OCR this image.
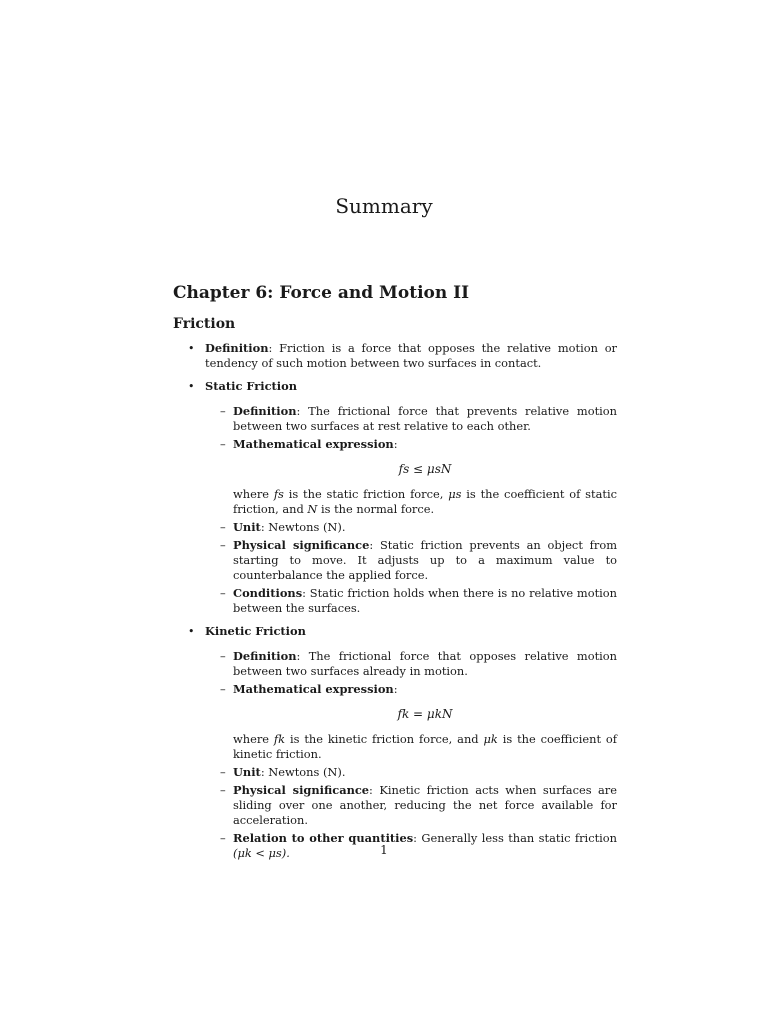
Summary
Chapter 6: Force and Motion II
Friction
• Definition: Friction is a force that opposes the relative motion or tendency of such motion between two surfaces in contact.
• Static Friction
– Definition: The frictional force that prevents relative motion between two surfaces at rest relative to each other.
– Mathematical expression:
fs ≤ μsN
where fs is the static friction force, μs is the coefficient of static friction, and N is the normal force.
– Unit: Newtons (N).
– Physical significance: Static friction prevents an object from starting to move. It adjusts up to a maximum value to counterbalance the applied force.
– Conditions: Static friction holds when there is no relative motion between the surfaces.
• Kinetic Friction
– Definition: The frictional force that opposes relative motion between two surfaces already in motion.
– Mathematical expression:
fk = μkN
where fk is the kinetic friction force, and μk is the coefficient of kinetic friction.
– Unit: Newtons (N).
– Physical significance: Kinetic friction acts when surfaces are sliding over one another, reducing the net force available for acceleration.
– Relation to other quantities: Generally less than static friction (μk < μs).	1
